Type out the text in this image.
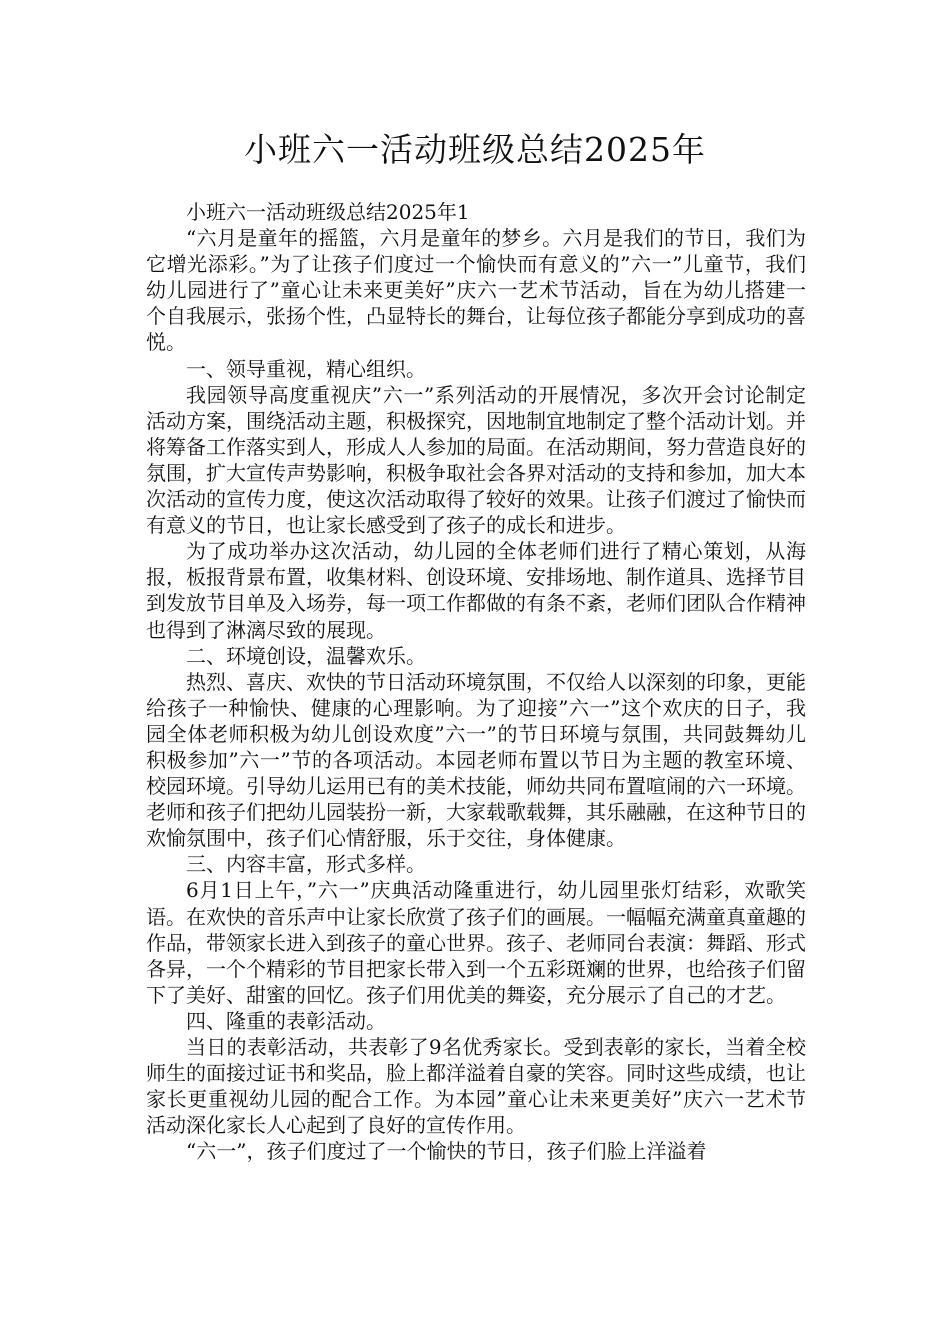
小班六一活动班级总结2025年

小班六一活动班级总结2025年1

“六月是童年的摇篮，六月是童年的梦乡。六月是我们的节日，我们为它增光添彩。”为了让孩子们度过一个愉快而有意义的”六一”儿童节，我们幼儿园进行了”童心让未来更美好”庆六一艺术节活动，旨在为幼儿搭建一个自我展示，张扬个性，凸显特长的舞台，让每位孩子都能分享到成功的喜悦。

一、领导重视，精心组织。

我园领导高度重视庆”六一”系列活动的开展情况，多次开会讨论制定活动方案，围绕活动主题，积极探究，因地制宜地制定了整个活动计划。并将筹备工作落实到人，形成人人参加的局面。在活动期间，努力营造良好的氛围，扩大宣传声势影响，积极争取社会各界对活动的支持和参加，加大本次活动的宣传力度，使这次活动取得了较好的效果。让孩子们渡过了愉快而有意义的节日，也让家长感受到了孩子的成长和进步。

为了成功举办这次活动，幼儿园的全体老师们进行了精心策划，从海报，板报背景布置，收集材料、创设环境、安排场地、制作道具、选择节目到发放节目单及入场券，每一项工作都做的有条不紊，老师们团队合作精神也得到了淋漓尽致的展现。

二、环境创设，温馨欢乐。

热烈、喜庆、欢快的节日活动环境氛围，不仅给人以深刻的印象，更能给孩子一种愉快、健康的心理影响。为了迎接”六一”这个欢庆的日子，我园全体老师积极为幼儿创设欢度”六一”的节日环境与氛围，共同鼓舞幼儿积极参加”六一”节的各项活动。本园老师布置以节日为主题的教室环境、校园环境。引导幼儿运用已有的美术技能，师幼共同布置喧闹的六一环境。老师和孩子们把幼儿园装扮一新，大家载歌载舞，其乐融融，在这种节日的欢愉氛围中，孩子们心情舒服，乐于交往，身体健康。

三、内容丰富，形式多样。

6月1日上午，”六一”庆典活动隆重进行，幼儿园里张灯结彩，欢歌笑语。在欢快的音乐声中让家长欣赏了孩子们的画展。一幅幅充满童真童趣的作品，带领家长进入到孩子的童心世界。孩子、老师同台表演：舞蹈、形式各异，一个个精彩的节目把家长带入到一个五彩斑斓的世界，也给孩子们留下了美好、甜蜜的回忆。孩子们用优美的舞姿，充分展示了自己的才艺。

四、隆重的表彰活动。

当日的表彰活动，共表彰了9名优秀家长。受到表彰的家长，当着全校师生的面接过证书和奖品，脸上都洋溢着自豪的笑容。同时这些成绩，也让家长更重视幼儿园的配合工作。为本园”童心让未来更美好”庆六一艺术节活动深化家长人心起到了良好的宣传作用。

“六一”，孩子们度过了一个愉快的节日，孩子们脸上洋溢着
